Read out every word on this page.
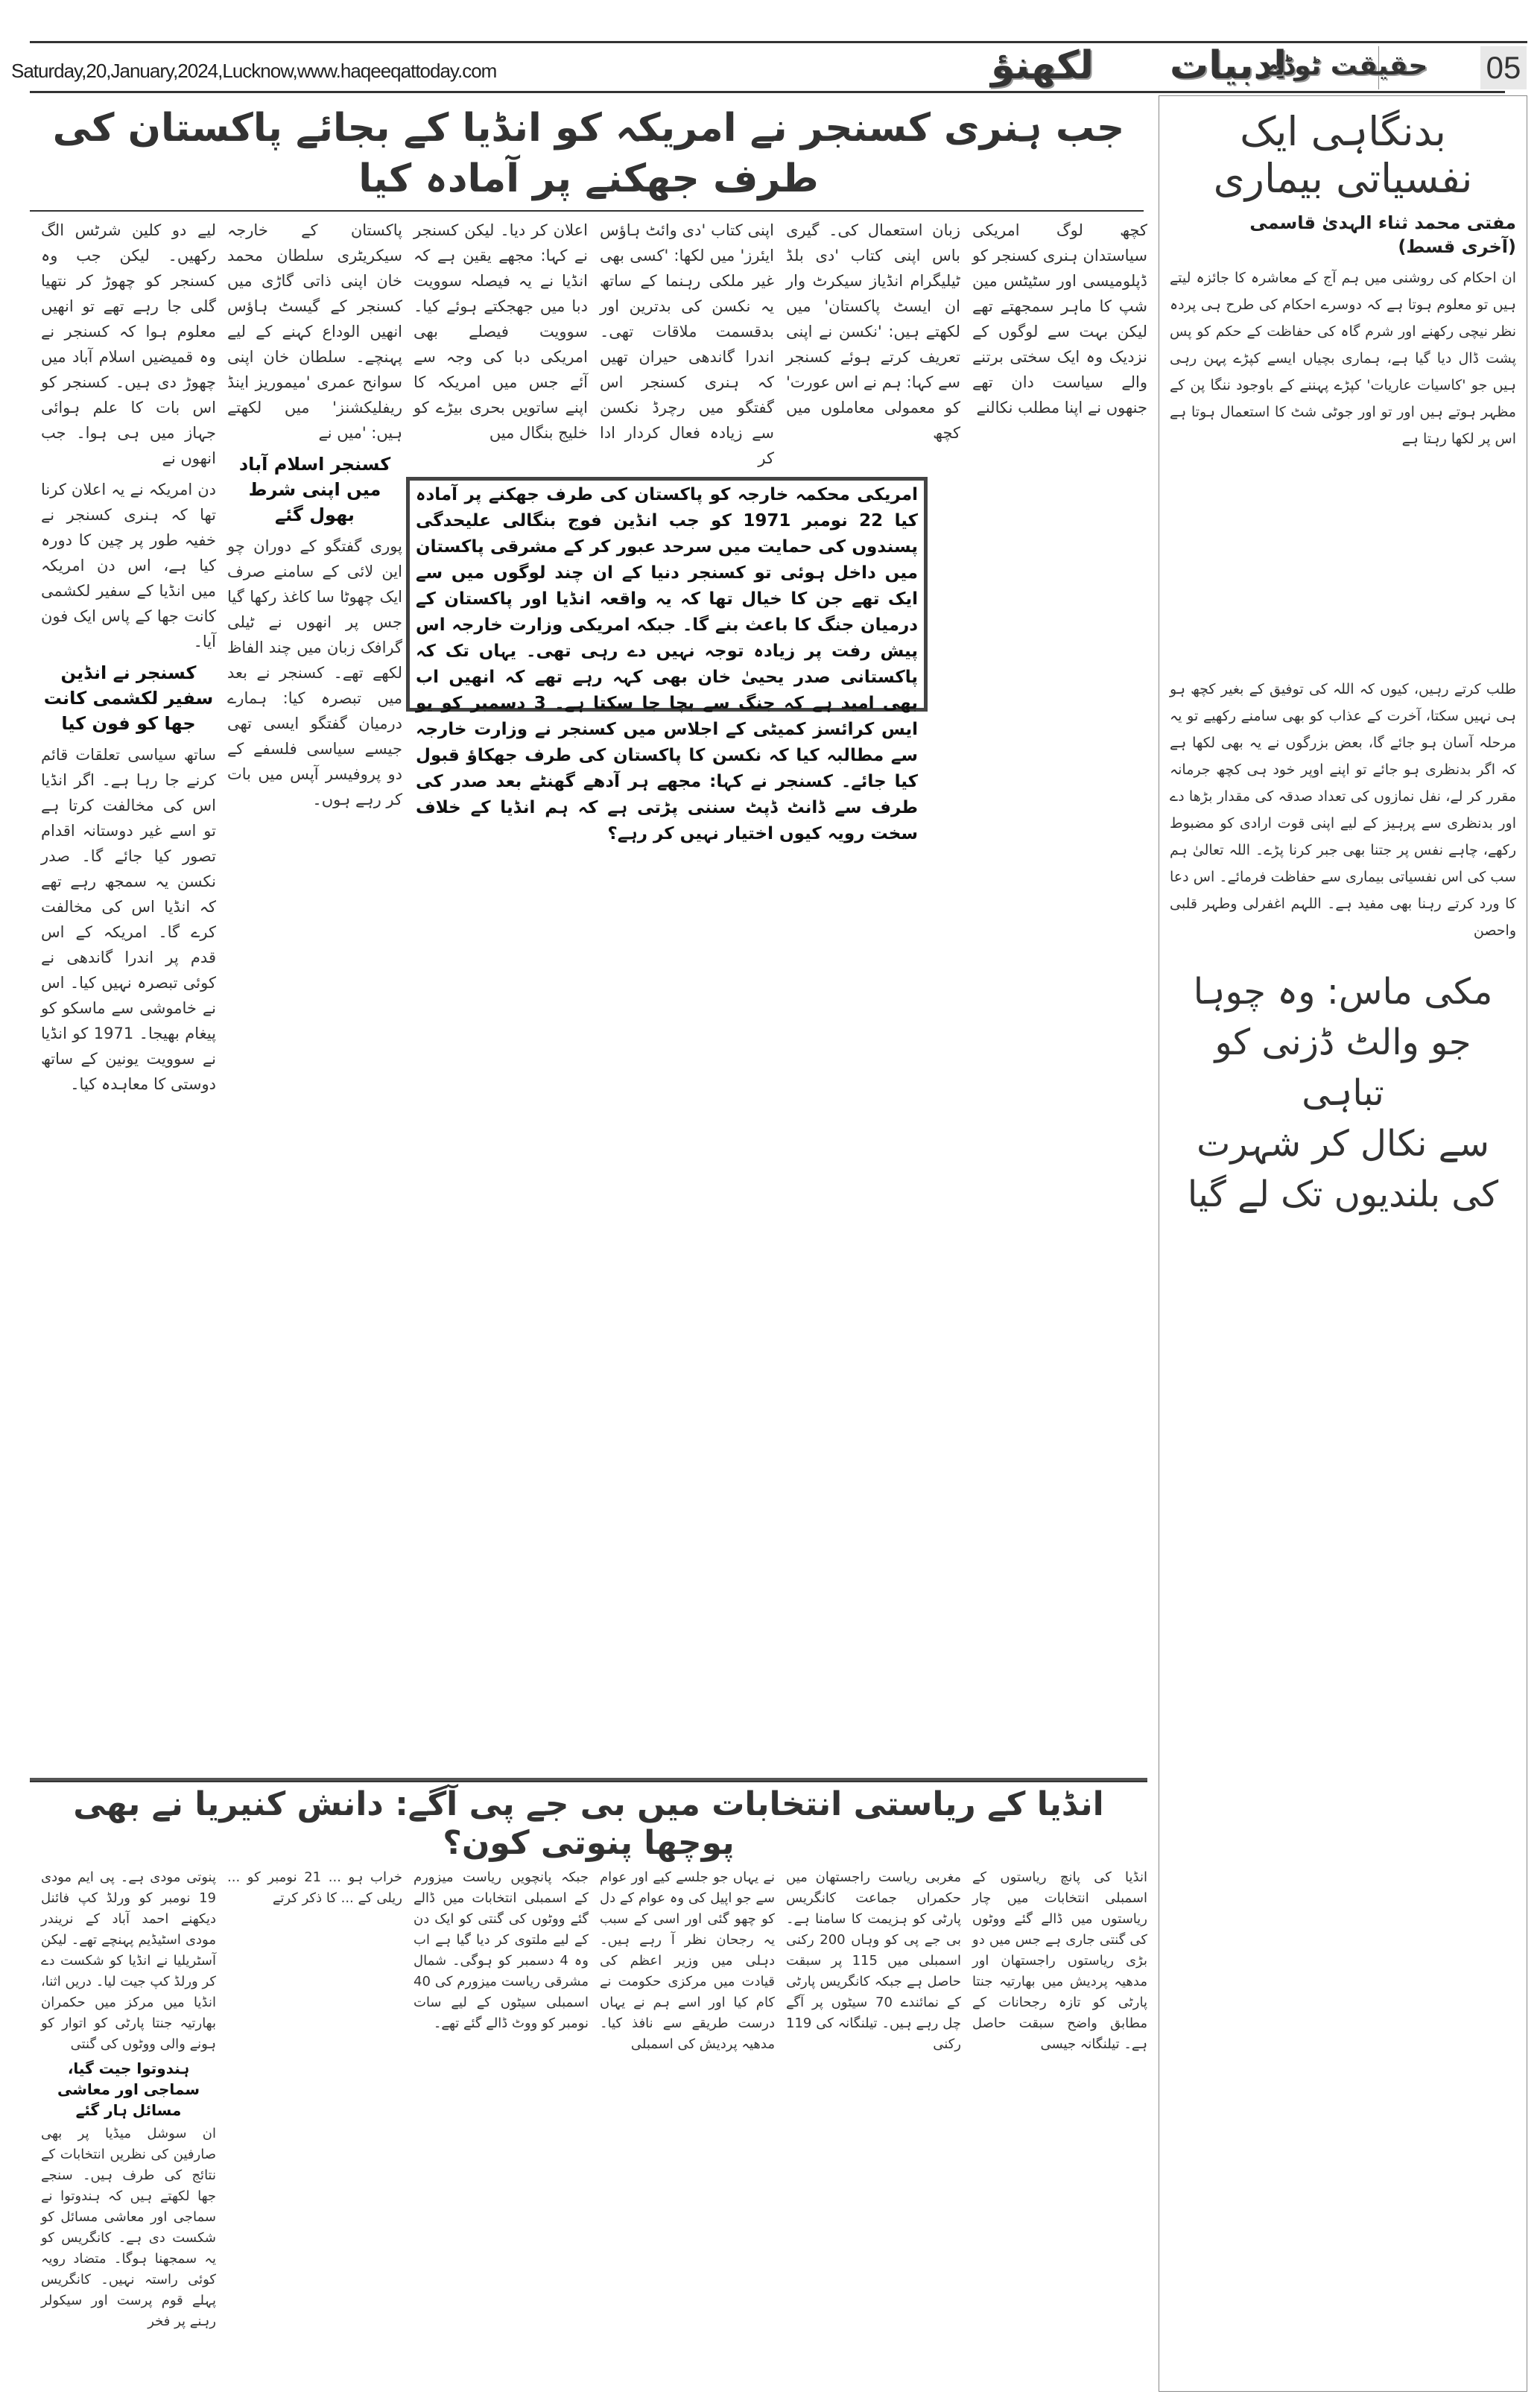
Saturday,20,January,2024,Lucknow,www.haqeeqattoday.com	لکھنؤ ادبیات
حقیقت ٹوڈے 05
جب ہنری کسنجر نے امریکہ کو انڈیا کے بجائے پاکستان کی طرف جھکنے پر آمادہ کیا

کچھ لوگ امریکی سیاستدان ہنری کسنجر کو ڈپلومیسی اور سٹیٹس مین شپ کا ماہر سمجھتے تھے لیکن بہت سے لوگوں کے نزدیک وہ ایک سختی برتنے والے سیاست دان تھے جنھوں نے اپنا مطلب نکالنے

زبان استعمال کی۔ گیری باس اپنی کتاب 'دی بلڈ ٹیلیگرام انڈیاز سیکرٹ وار ان ایسٹ پاکستان' میں لکھتے ہیں: 'نکسن نے اپنی تعریف کرتے ہوئے کسنجر سے کہا: ہم نے اس عورت' کو معمولی معاملوں میں کچھ

اپنی کتاب 'دی وائٹ ہاؤس ایئرز' میں لکھا: 'کسی بھی غیر ملکی رہنما کے ساتھ یہ نکسن کی بدترین اور بدقسمت ملاقات تھی۔ اندرا گاندھی حیران تھیں کہ ہنری کسنجر اس گفتگو میں رچرڈ نکسن سے زیادہ فعال کردار ادا کر

اعلان کر دیا۔ لیکن کسنجر نے کہا: مجھے یقین ہے کہ انڈیا نے یہ فیصلہ سوویت دبا میں جھجکتے ہوئے کیا۔ سوویت فیصلے بھی امریکی دبا کی وجہ سے آئے جس میں امریکہ کا اپنے ساتویں بحری بیڑے کو خلیج بنگال میں

پاکستان کے خارجہ سیکریٹری سلطان محمد خان اپنی ذاتی گاڑی میں کسنجر کے گیسٹ ہاؤس انھیں الوداع کہنے کے لیے پہنچے۔ سلطان خان اپنی سوانح عمری 'میموریز اینڈ ریفلیکشنز' میں لکھتے ہیں: 'میں نے

کسنجر اسلام آباد میں اپنی شرط بھول گئے

پوری گفتگو کے دوران چو این لائی کے سامنے صرف ایک چھوٹا سا کاغذ رکھا گیا جس پر انھوں نے ٹیلی گرافک زبان میں چند الفاظ لکھے تھے۔ کسنجر نے بعد میں تبصرہ کیا: ہمارے درمیان گفتگو ایسی تھی جیسے سیاسی فلسفے کے دو پروفیسر آپس میں بات کر رہے ہوں۔

لیے دو کلین شرٹس الگ رکھیں۔ لیکن جب وہ کسنجر کو چھوڑ کر نتھیا گلی جا رہے تھے تو انھیں معلوم ہوا کہ کسنجر نے وہ قمیضیں اسلام آباد میں چھوڑ دی ہیں۔ کسنجر کو اس بات کا علم ہوائی جہاز میں ہی ہوا۔ جب انھوں نے

دن امریکہ نے یہ اعلان کرنا تھا کہ ہنری کسنجر نے خفیہ طور پر چین کا دورہ کیا ہے، اس دن امریکہ میں انڈیا کے سفیر لکشمی کانت جھا کے پاس ایک فون آیا۔

کسنجر نے انڈین سفیر لکشمی کانت جھا کو فون کیا

ساتھ سیاسی تعلقات قائم کرنے جا رہا ہے۔ اگر انڈیا اس کی مخالفت کرتا ہے تو اسے غیر دوستانہ اقدام تصور کیا جائے گا۔ صدر نکسن یہ سمجھ رہے تھے کہ انڈیا اس کی مخالفت کرے گا۔ امریکہ کے اس قدم پر اندرا گاندھی نے کوئی تبصرہ نہیں کیا۔ اس نے خاموشی سے ماسکو کو پیغام بھیجا۔ 1971 کو انڈیا نے سوویت یونین کے ساتھ دوستی کا معاہدہ کیا۔

امریکی محکمہ خارجہ کو پاکستان کی طرف جھکنے پر آمادہ کیا 22 نومبر 1971 کو جب انڈین فوج بنگالی علیحدگی پسندوں کی حمایت میں سرحد عبور کر کے مشرقی پاکستان میں داخل ہوئی تو کسنجر دنیا کے ان چند لوگوں میں سے ایک تھے جن کا خیال تھا کہ یہ واقعہ انڈیا اور پاکستان کے درمیان جنگ کا باعث بنے گا۔ جبکہ امریکی وزارت خارجہ اس پیش رفت پر زیادہ توجہ نہیں دے رہی تھی۔ یہاں تک کہ پاکستانی صدر یحییٰ خان بھی کہہ رہے تھے کہ انھیں اب بھی امید ہے کہ جنگ سے بچا جا سکتا ہے۔ 3 دسمبر کو یو ایس کرائسز کمیٹی کے اجلاس میں کسنجر نے وزارت خارجہ سے مطالبہ کیا کہ نکسن کا پاکستان کی طرف جھکاؤ قبول کیا جائے۔ کسنجر نے کہا: مجھے ہر آدھے گھنٹے بعد صدر کی طرف سے ڈانٹ ڈپٹ سننی پڑتی ہے کہ ہم انڈیا کے خلاف سخت رویہ کیوں اختیار نہیں کر رہے؟
انڈیا کے ریاستی انتخابات میں بی جے پی آگے: دانش کنیریا نے بھی پوچھا پنوتی کون؟

انڈیا کی پانچ ریاستوں کے اسمبلی انتخابات میں چار ریاستوں میں ڈالے گئے ووٹوں کی گنتی جاری ہے جس میں دو بڑی ریاستوں راجستھان اور مدھیہ پردیش میں بھارتیہ جنتا پارٹی کو تازہ رجحانات کے مطابق واضح سبقت حاصل ہے۔ تیلنگانہ جیسی

مغربی ریاست راجستھان میں حکمراں جماعت کانگریس پارٹی کو ہزیمت کا سامنا ہے۔ بی جے پی کو وہاں 200 رکنی اسمبلی میں 115 پر سبقت حاصل ہے جبکہ کانگریس پارٹی کے نمائندے 70 سیٹوں پر آگے چل رہے ہیں۔ تیلنگانہ کی 119 رکنی

نے یہاں جو جلسے کیے اور عوام سے جو اپیل کی وہ عوام کے دل کو چھو گئی اور اسی کے سبب یہ رجحان نظر آ رہے ہیں۔ دہلی میں وزیر اعظم کی قیادت میں مرکزی حکومت نے کام کیا اور اسے ہم نے یہاں درست طریقے سے نافذ کیا۔ مدھیہ پردیش کی اسمبلی

جبکہ پانچویں ریاست میزورم کے اسمبلی انتخابات میں ڈالے گئے ووٹوں کی گنتی کو ایک دن کے لیے ملتوی کر دیا گیا ہے اب وہ 4 دسمبر کو ہوگی۔ شمال مشرقی ریاست میزورم کی 40 اسمبلی سیٹوں کے لیے سات نومبر کو ووٹ ڈالے گئے تھے۔

خراب ہو ... 21 نومبر کو ... ریلی کے ... کا ذکر کرتے

پنوتی مودی ہے۔ پی ایم مودی 19 نومبر کو ورلڈ کپ فائنل دیکھنے احمد آباد کے نریندر مودی اسٹیڈیم پہنچے تھے۔ لیکن آسٹریلیا نے انڈیا کو شکست دے کر ورلڈ کپ جیت لیا۔ دریں اثنا، انڈیا میں مرکز میں حکمران بھارتیہ جنتا پارٹی کو اتوار کو ہونے والی ووٹوں کی گنتی

ہندوتوا جیت گیا، سماجی اور معاشی مسائل ہار گئے

ان سوشل میڈیا پر بھی صارفین کی نظریں انتخابات کے نتائج کی طرف ہیں۔ سنجے جھا لکھتے ہیں کہ ہندوتوا نے سماجی اور معاشی مسائل کو شکست دی ہے۔ کانگریس کو یہ سمجھنا ہوگا۔ متضاد رویہ کوئی راستہ نہیں۔ کانگریس پہلے قوم پرست اور سیکولر رہنے پر فخر

بدنگاہی ایک نفسیاتی بیماری
مفتی محمد ثناء الہدیٰ قاسمی
(آخری قسط)

ان احکام کی روشنی میں ہم آج کے معاشرہ کا جائزہ لیتے ہیں تو معلوم ہوتا ہے کہ دوسرے احکام کی طرح ہی پردہ نظر نیچی رکھنے اور شرم گاہ کی حفاظت کے حکم کو پس پشت ڈال دیا گیا ہے، ہماری بچیاں ایسے کپڑے پہن رہی ہیں جو 'کاسیات عاریات' کپڑے پہننے کے باوجود ننگا پن کے مظہر ہوتے ہیں اور تو اور جوٹی شٹ کا استعمال ہوتا ہے اس پر لکھا رہتا ہے

طلب کرتے رہیں، کیوں کہ اللہ کی توفیق کے بغیر کچھ ہو ہی نہیں سکتا، آخرت کے عذاب کو بھی سامنے رکھیے تو یہ مرحلہ آسان ہو جائے گا، بعض بزرگوں نے یہ بھی لکھا ہے کہ اگر بدنظری ہو جائے تو اپنے اوپر خود ہی کچھ جرمانہ مقرر کر لے، نفل نمازوں کی تعداد صدقہ کی مقدار بڑھا دے اور بدنظری سے پرہیز کے لیے اپنی قوت ارادی کو مضبوط رکھے، چاہے نفس پر جتنا بھی جبر کرنا پڑے۔ اللہ تعالیٰ ہم سب کی اس نفسیاتی بیماری سے حفاظت فرمائے۔ اس دعا کا ورد کرتے رہنا بھی مفید ہے۔ اللہم اغفرلی وطہر قلبی واحصن

مکی ماس: وہ چوہا جو والٹ ڈزنی کو تباہی
سے نکال کر شہرت کی بلندیوں تک لے گیا
